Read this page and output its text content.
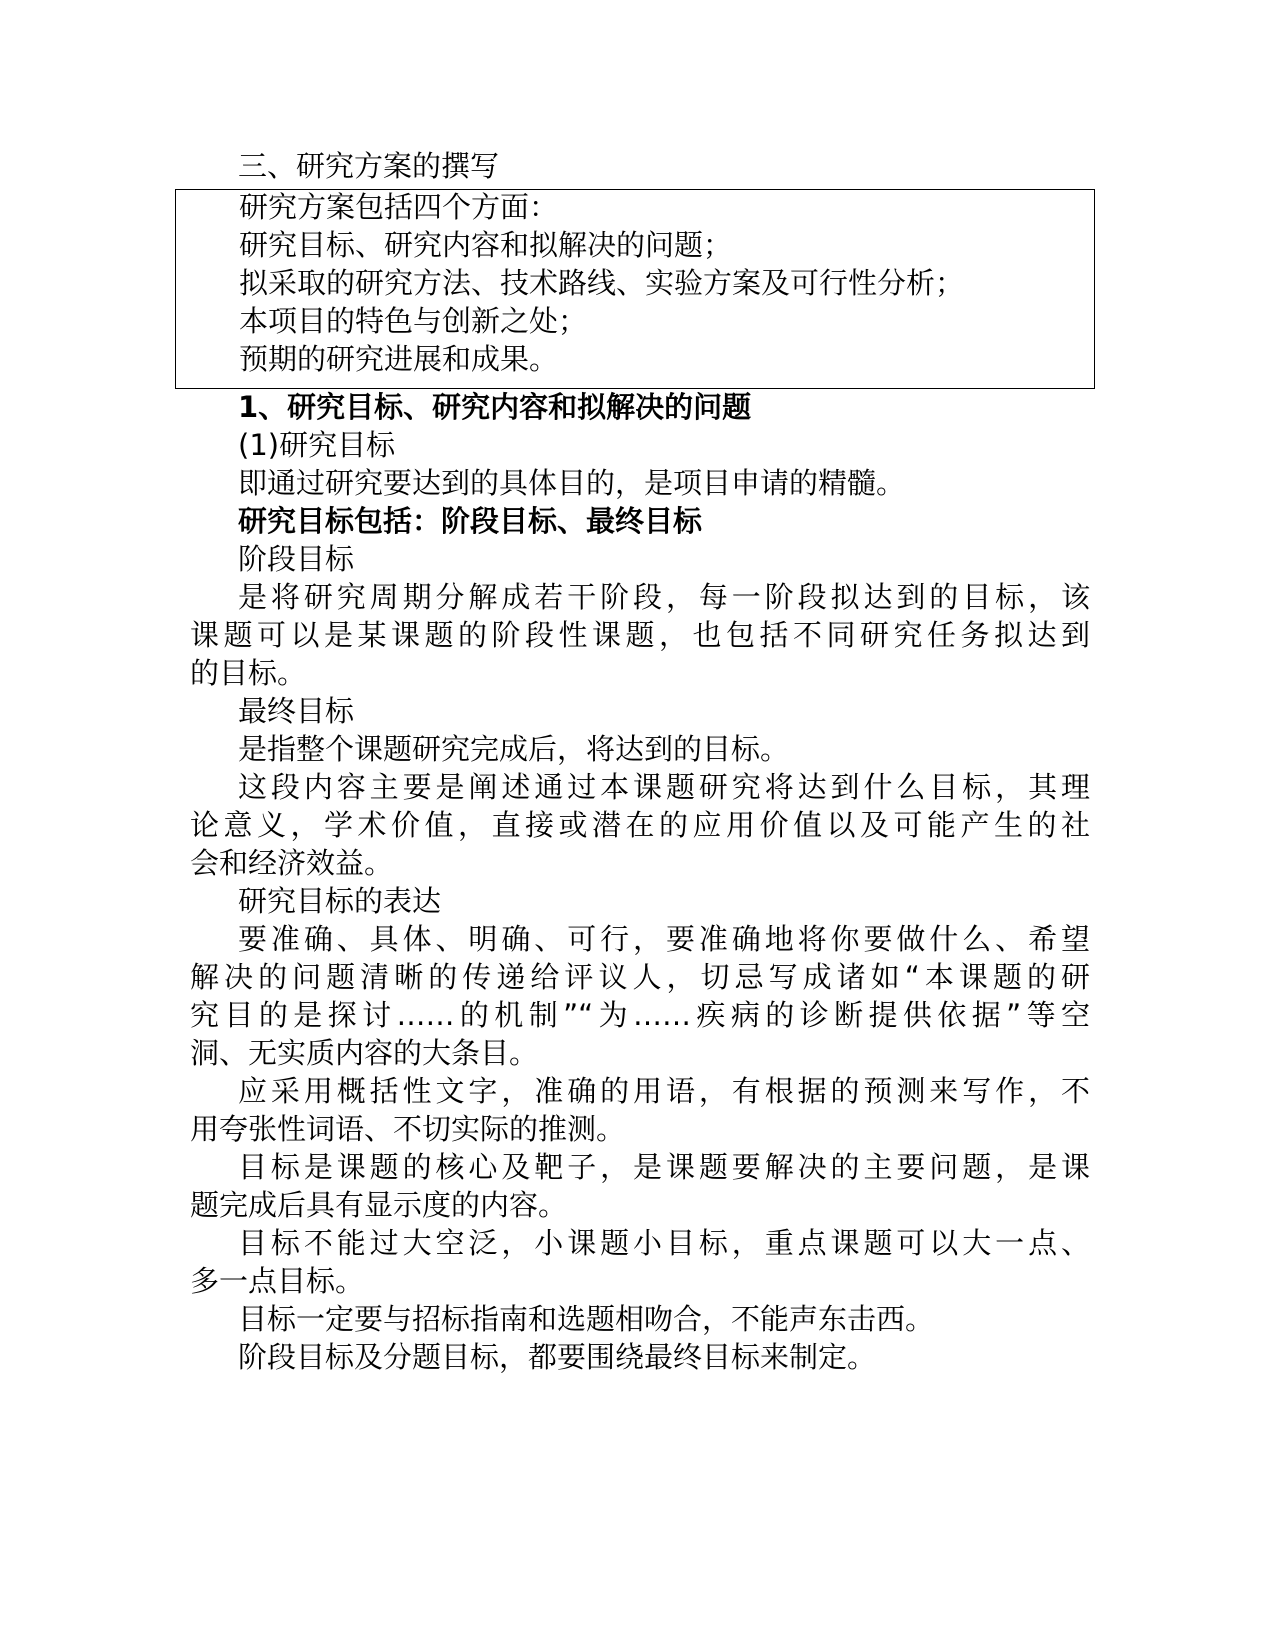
三、研究方案的撰写
研究方案包括四个方面：
研究目标、研究内容和拟解决的问题；
拟采取的研究方法、技术路线、实验方案及可行性分析；
本项目的特色与创新之处；
预期的研究进展和成果。
1、研究目标、研究内容和拟解决的问题
(1)研究目标
即通过研究要达到的具体目的，是项目申请的精髓。
研究目标包括：阶段目标、最终目标
阶段目标
是将研究周期分解成若干阶段，每一阶段拟达到的目标，该
课题可以是某课题的阶段性课题，也包括不同研究任务拟达到
的目标。
最终目标
是指整个课题研究完成后，将达到的目标。
这段内容主要是阐述通过本课题研究将达到什么目标，其理
论意义，学术价值，直接或潜在的应用价值以及可能产生的社
会和经济效益。
研究目标的表达
要准确、具体、明确、可行，要准确地将你要做什么、希望
解决的问题清晰的传递给评议人，切忌写成诸如“本课题的研
究目的是探讨……的机制”“为……疾病的诊断提供依据”等空
洞、无实质内容的大条目。
应采用概括性文字，准确的用语，有根据的预测来写作，不
用夸张性词语、不切实际的推测。
目标是课题的核心及靶子，是课题要解决的主要问题，是课
题完成后具有显示度的内容。
目标不能过大空泛，小课题小目标，重点课题可以大一点、
多一点目标。
目标一定要与招标指南和选题相吻合，不能声东击西。
阶段目标及分题目标，都要围绕最终目标来制定。
